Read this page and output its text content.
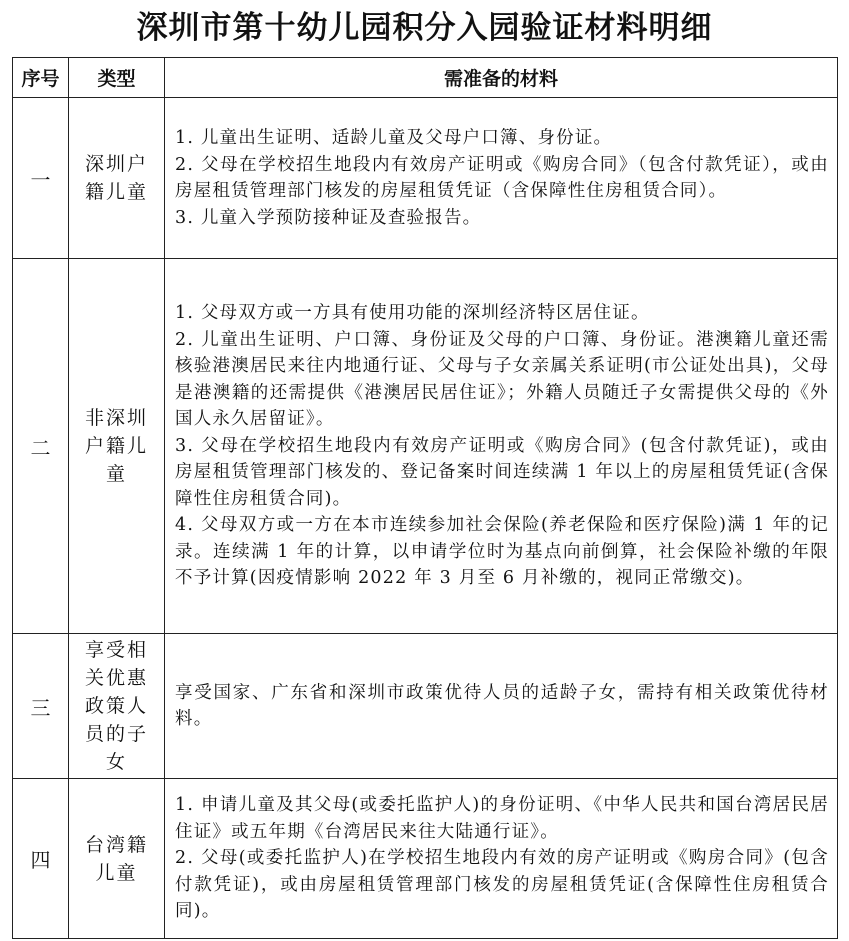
深圳市第十幼儿园积分入园验证材料明细
序号	类型	需准备的材料
一	深圳户籍儿童	1. 儿童出生证明、适龄儿童及父母户口簿、身份证。

2. 父母在学校招生地段内有效房产证明或《购房合同》（包含付款凭证），或由房屋租赁管理部门核发的房屋租赁凭证（含保障性住房租赁合同）。

3. 儿童入学预防接种证及查验报告。

二	非深圳户籍儿童	1. 父母双方或一方具有使用功能的深圳经济特区居住证。

2. 儿童出生证明、户口簿、身份证及父母的户口簿、身份证。港澳籍儿童还需核验港澳居民来往内地通行证、父母与子女亲属关系证明(市公证处出具)，父母是港澳籍的还需提供《港澳居民居住证》；外籍人员随迁子女需提供父母的《外国人永久居留证》。

3. 父母在学校招生地段内有效房产证明或《购房合同》(包含付款凭证)，或由房屋租赁管理部门核发的、登记备案时间连续满 1 年以上的房屋租赁凭证(含保障性住房租赁合同)。

4. 父母双方或一方在本市连续参加社会保险(养老保险和医疗保险)满 1 年的记录。连续满 1 年的计算，以申请学位时为基点向前倒算，社会保险补缴的年限不予计算(因疫情影响 2022 年 3 月至 6 月补缴的，视同正常缴交)。

三	享受相关优惠政策人员的子女	享受国家、广东省和深圳市政策优待人员的适龄子女，需持有相关政策优待材料。

四	台湾籍儿童	1. 申请儿童及其父母(或委托监护人)的身份证明、《中华人民共和国台湾居民居住证》或五年期《台湾居民来往大陆通行证》。

2. 父母(或委托监护人)在学校招生地段内有效的房产证明或《购房合同》(包含付款凭证)，或由房屋租赁管理部门核发的房屋租赁凭证(含保障性住房租赁合同)。
